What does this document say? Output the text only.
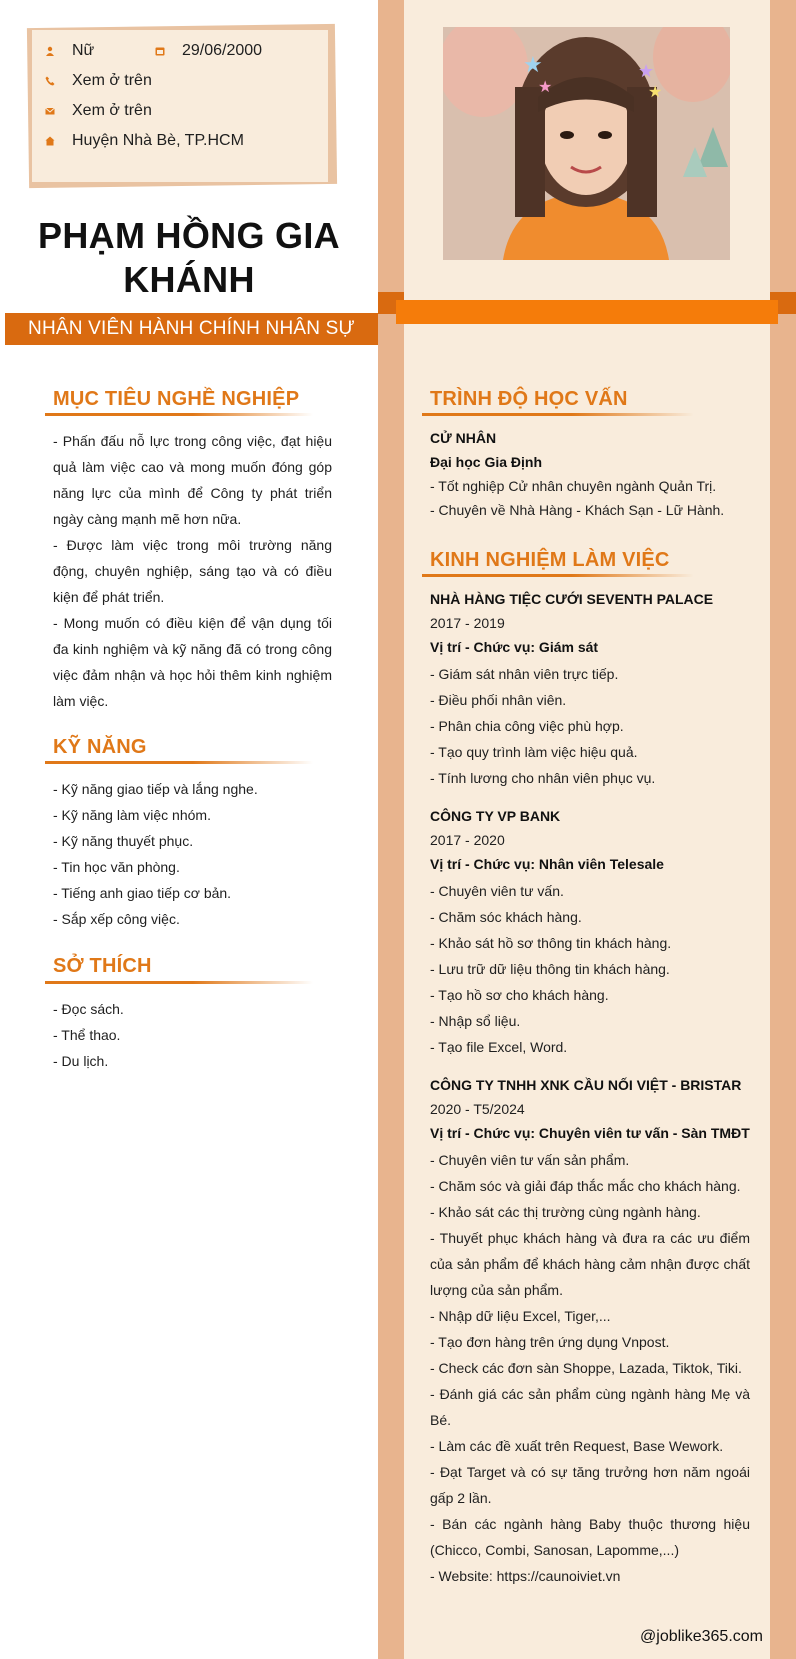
★
★
★
★
Nữ	29/06/2000
Xem ở trên
Xem ở trên
Huyện Nhà Bè, TP.HCM
PHẠM HỒNG GIA
KHÁNH
NHÂN VIÊN HÀNH CHÍNH NHÂN SỰ
MỤC TIÊU NGHỀ NGHIỆP

- Phấn đấu nỗ lực trong công việc, đạt hiệu quả làm việc cao và mong muốn đóng góp năng lực của mình để Công ty phát triển ngày càng mạnh mẽ hơn nữa.

- Được làm việc trong môi trường năng động, chuyên nghiệp, sáng tạo và có điều kiện để phát triển.

- Mong muốn có điều kiện để vận dụng tối đa kinh nghiệm và kỹ năng đã có trong công việc đảm nhận và học hỏi thêm kinh nghiệm làm việc.

KỸ NĂNG

- Kỹ năng giao tiếp và lắng nghe.

- Kỹ năng làm việc nhóm.

- Kỹ năng thuyết phục.

- Tin học văn phòng.

- Tiếng anh giao tiếp cơ bản.

- Sắp xếp công việc.

SỞ THÍCH

- Đọc sách.

- Thể thao.

- Du lịch.

TRÌNH ĐỘ HỌC VẤN

CỬ NHÂN

Đại học Gia Định

- Tốt nghiệp Cử nhân chuyên ngành Quản Trị.

- Chuyên về Nhà Hàng - Khách Sạn - Lữ Hành.

KINH NGHIỆM LÀM VIỆC

NHÀ HÀNG TIỆC CƯỚI SEVENTH PALACE

2017 - 2019

Vị trí - Chức vụ: Giám sát

- Giám sát nhân viên trực tiếp.

- Điều phối nhân viên.

- Phân chia công việc phù hợp.

- Tạo quy trình làm việc hiệu quả.

- Tính lương cho nhân viên phục vụ.

CÔNG TY VP BANK

2017 - 2020

Vị trí - Chức vụ: Nhân viên Telesale

- Chuyên viên tư vấn.

- Chăm sóc khách hàng.

- Khảo sát hồ sơ thông tin khách hàng.

- Lưu trữ dữ liệu thông tin khách hàng.

- Tạo hồ sơ cho khách hàng.

- Nhập sổ liệu.

- Tạo file Excel, Word.

CÔNG TY TNHH XNK CẦU NỐI VIỆT - BRISTAR

2020 - T5/2024

Vị trí - Chức vụ: Chuyên viên tư vấn - Sàn TMĐT

- Chuyên viên tư vấn sản phẩm.

- Chăm sóc và giải đáp thắc mắc cho khách hàng.

- Khảo sát các thị trường cùng ngành hàng.

- Thuyết phục khách hàng và đưa ra các ưu điểm của sản phẩm để khách hàng cảm nhận được chất lượng của sản phẩm.

- Nhập dữ liệu Excel, Tiger,...

- Tạo đơn hàng trên ứng dụng Vnpost.

- Check các đơn sàn Shoppe, Lazada, Tiktok, Tiki.

- Đánh giá các sản phẩm cùng ngành hàng Mẹ và Bé.

- Làm các đề xuất trên Request, Base Wework.

- Đạt Target và có sự tăng trưởng hơn năm ngoái gấp 2 lần.

- Bán các ngành hàng Baby thuộc thương hiệu (Chicco, Combi, Sanosan, Lapomme,...)

- Website: https://caunoiviet.vn

@joblike365.com
